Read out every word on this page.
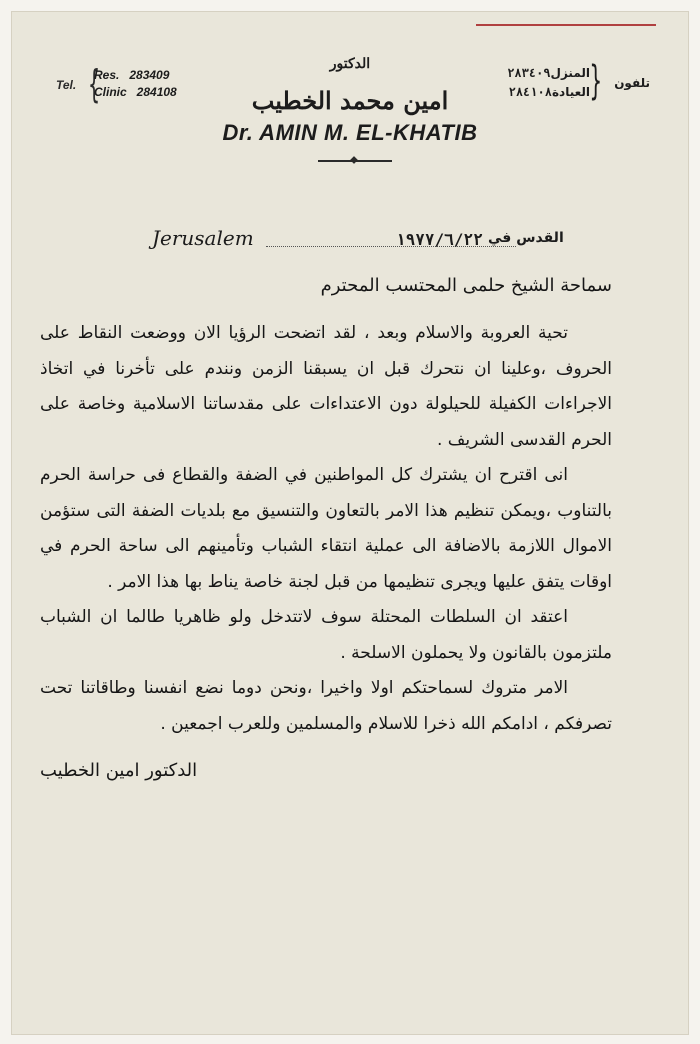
Tel. {
Res. 283409
Clinic 284108
الدكتور
امين محمد الخطيب
Dr. AMIN M. EL-KHATIB
تلفون
{
المنزل٢٨٣٤٠٩
العيادة٢٨٤١٠٨
Jerusalem	١٩٧٧/٦/٢٢ القدس في

سماحة الشيخ حلمى المحتسب المحترم

تحية العروبة والاسلام وبعد ، لقد اتضحت الرؤيا الان ووضعت النقاط على الحروف ،وعلينا ان نتحرك قبل ان يسبقنا الزمن ونندم على تأخرنا في اتخاذ الاجراءات الكفيلة للحيلولة دون الاعتداءات على مقدساتنا الاسلامية وخاصة على الحرم القدسى الشريف .

انى اقترح ان يشترك كل المواطنين في الضفة والقطاع فى حراسة الحرم بالتناوب ،ويمكن تنظيم هذا الامر بالتعاون والتنسيق مع بلديات الضفة التى ستؤمن الاموال اللازمة بالاضافة الى عملية انتقاء الشباب وتأمينهم الى ساحة الحرم في اوقات يتفق عليها ويجرى تنظيمها من قبل لجنة خاصة يناط بها هذا الامر .

اعتقد ان السلطات المحتلة سوف لاتتدخل ولو ظاهريا طالما ان الشباب ملتزمون بالقانون ولا يحملون الاسلحة .

الامر متروك لسماحتكم اولا واخيرا ،ونحن دوما نضع انفسنا وطاقاتنا تحت تصرفكم ، ادامكم الله ذخرا للاسلام والمسلمين وللعرب اجمعين .

الدكتور امين الخطيب
